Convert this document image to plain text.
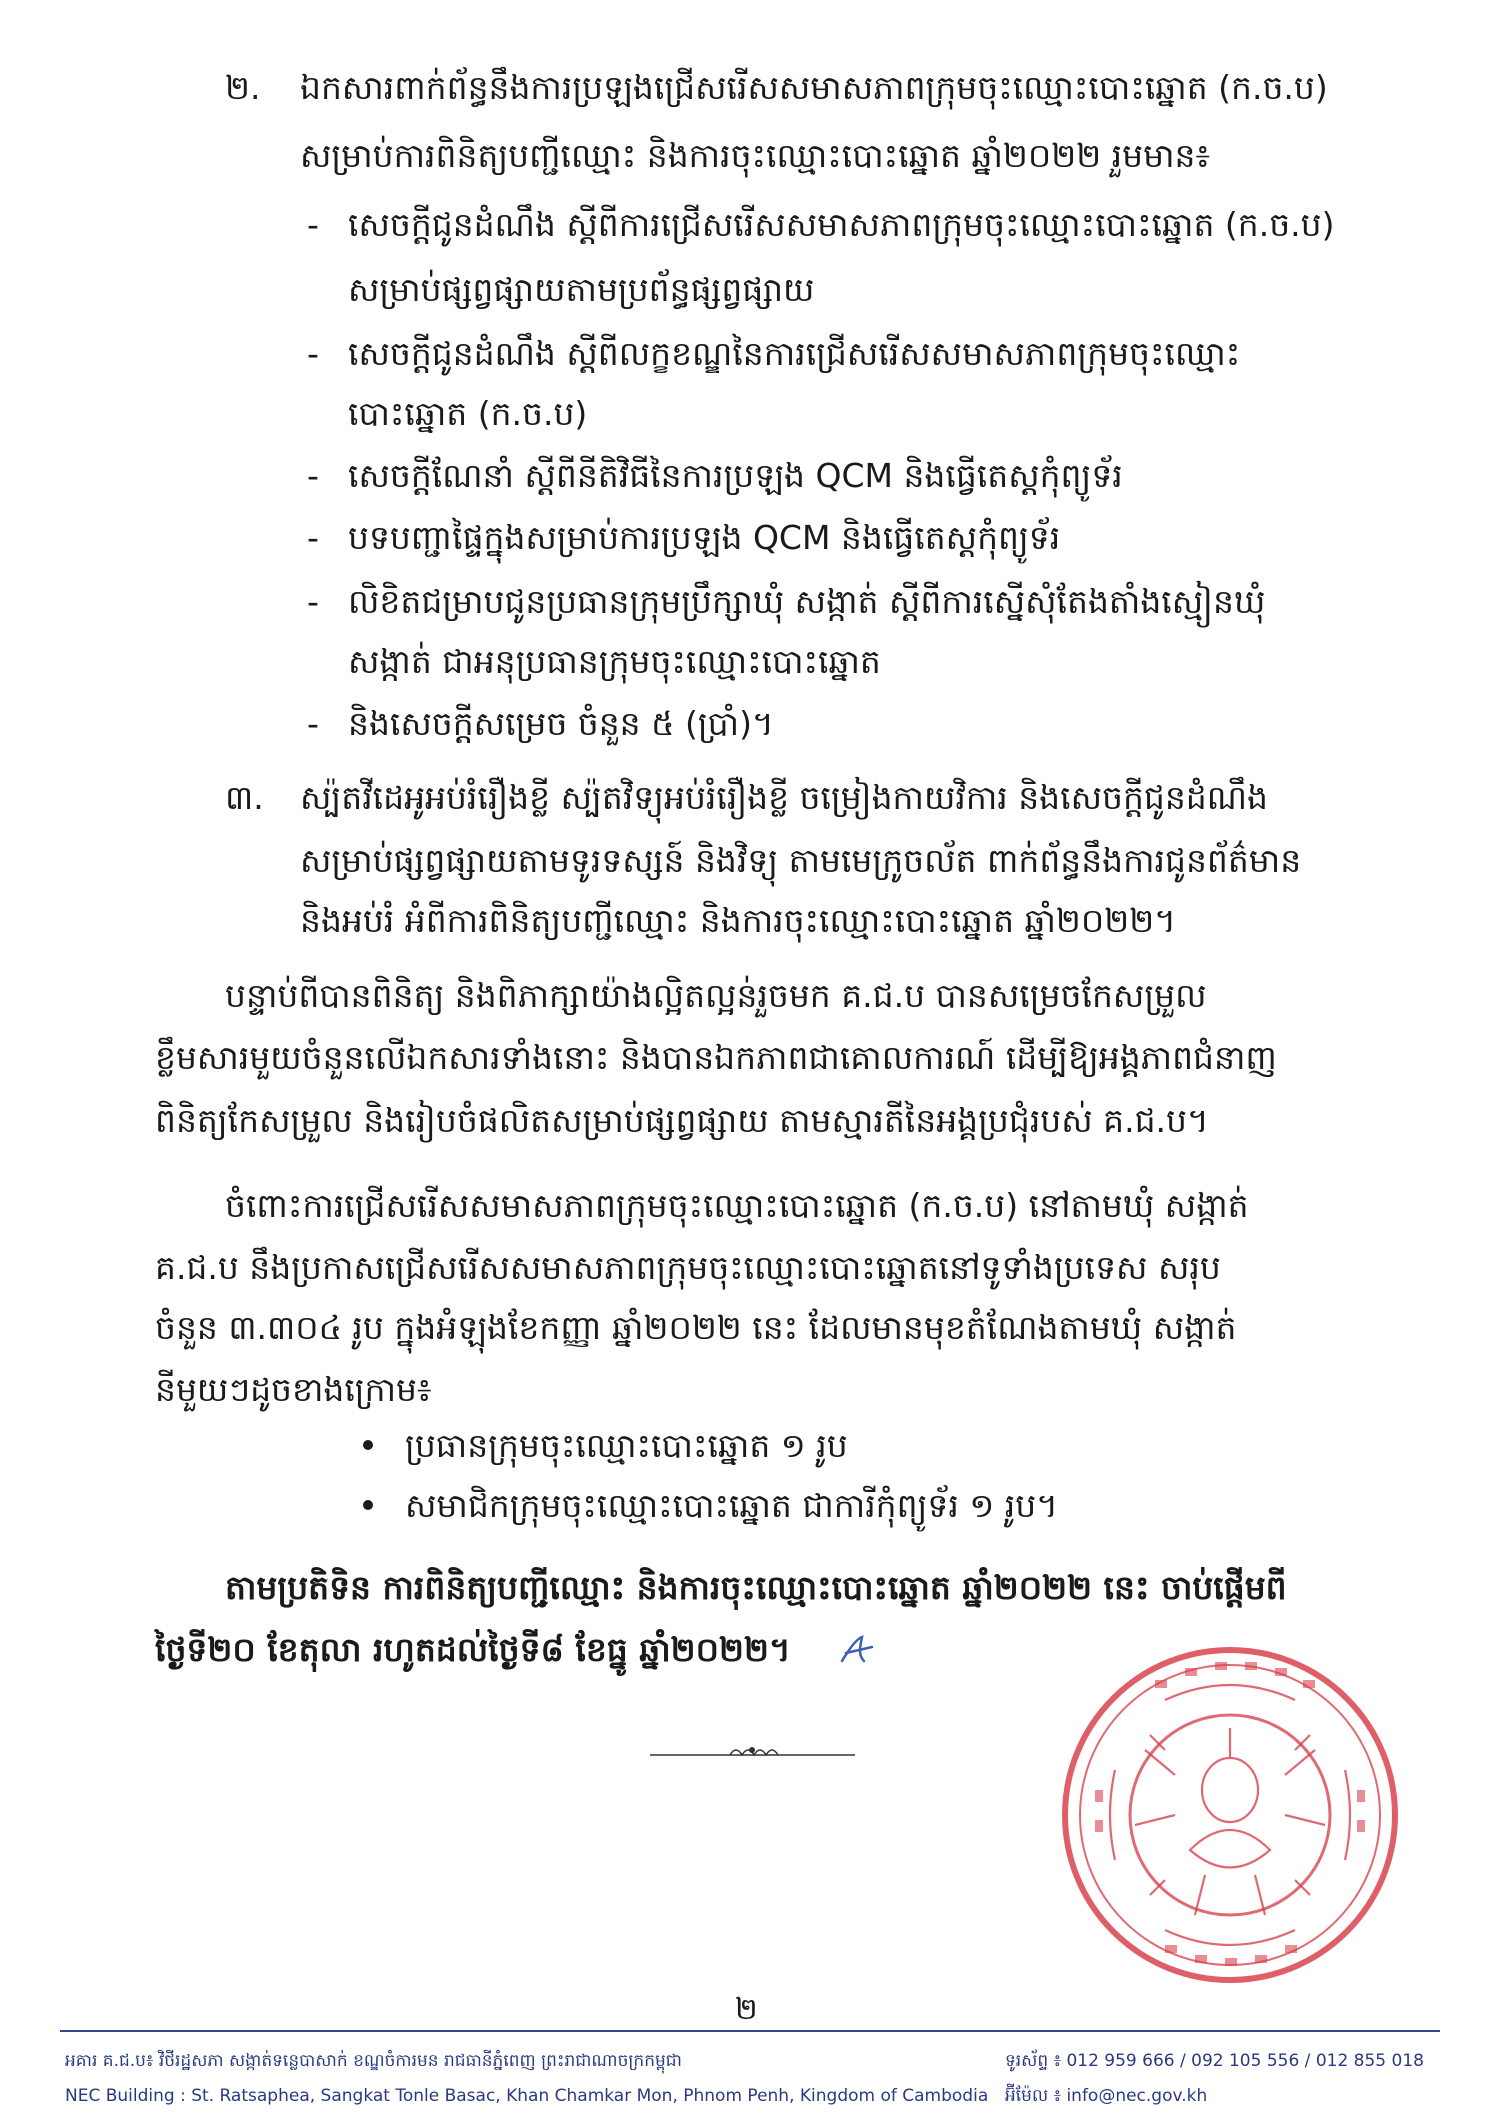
២. ឯកសារពាក់ព័ន្ធនឹងការប្រឡងជ្រើសរើសសមាសភាពក្រុមចុះឈ្មោះបោះឆ្នោត (ក.ច.ប)
សម្រាប់ការពិនិត្យបញ្ជីឈ្មោះ និងការចុះឈ្មោះបោះឆ្នោត ឆ្នាំ២០២២ រួមមាន៖
- សេចក្តីជូនដំណឹង ស្តីពីការជ្រើសរើសសមាសភាពក្រុមចុះឈ្មោះបោះឆ្នោត (ក.ច.ប)
សម្រាប់ផ្សព្វផ្សាយតាមប្រព័ន្ធផ្សព្វផ្សាយ
- សេចក្តីជូនដំណឹង ស្តីពីលក្ខខណ្ឌនៃការជ្រើសរើសសមាសភាពក្រុមចុះឈ្មោះ
បោះឆ្នោត (ក.ច.ប)
- សេចក្តីណែនាំ ស្តីពីនីតិវិធីនៃការប្រឡង QCM និងធ្វើតេស្តកុំព្យូទ័រ
- បទបញ្ជាផ្ទៃក្នុងសម្រាប់ការប្រឡង QCM និងធ្វើតេស្តកុំព្យូទ័រ
- លិខិតជម្រាបជូនប្រធានក្រុមប្រឹក្សាឃុំ សង្កាត់ ស្តីពីការស្នើសុំតែងតាំងស្មៀនឃុំ
សង្កាត់ ជាអនុប្រធានក្រុមចុះឈ្មោះបោះឆ្នោត
- និងសេចក្តីសម្រេច ចំនួន ៥ (ប្រាំ)។
៣. ស្ប៉តវីដេអូអប់រំរឿងខ្លី ស្ប៉តវិទ្យុអប់រំរឿងខ្លី ចម្រៀងកាយវិការ និងសេចក្តីជូនដំណឹង
សម្រាប់ផ្សព្វផ្សាយតាមទូរទស្សន៍ និងវិទ្យុ តាមមេក្រូចល័ត ពាក់ព័ន្ធនឹងការជូនព័ត៌មាន
និងអប់រំ អំពីការពិនិត្យបញ្ជីឈ្មោះ និងការចុះឈ្មោះបោះឆ្នោត ឆ្នាំ២០២២។
បន្ទាប់ពីបានពិនិត្យ និងពិភាក្សាយ៉ាងល្អិតល្អន់រួចមក គ.ជ.ប បានសម្រេចកែសម្រួល
ខ្លឹមសារមួយចំនួនលើឯកសារទាំងនោះ និងបានឯកភាពជាគោលការណ៍ ដើម្បីឱ្យអង្គភាពជំនាញ
ពិនិត្យកែសម្រួល និងរៀបចំផលិតសម្រាប់ផ្សព្វផ្សាយ តាមស្មារតីនៃអង្គប្រជុំរបស់ គ.ជ.ប។
ចំពោះការជ្រើសរើសសមាសភាពក្រុមចុះឈ្មោះបោះឆ្នោត (ក.ច.ប) នៅតាមឃុំ សង្កាត់
គ.ជ.ប នឹងប្រកាសជ្រើសរើសសមាសភាពក្រុមចុះឈ្មោះបោះឆ្នោតនៅទូទាំងប្រទេស សរុប
ចំនួន ៣.៣០៤ រូប ក្នុងអំឡុងខែកញ្ញា ឆ្នាំ២០២២ នេះ ដែលមានមុខតំណែងតាមឃុំ សង្កាត់
នីមួយៗដូចខាងក្រោម៖
ប្រធានក្រុមចុះឈ្មោះបោះឆ្នោត ១ រូប
សមាជិកក្រុមចុះឈ្មោះបោះឆ្នោត ជាការីកុំព្យូទ័រ ១ រូប។
តាមប្រតិទិន ការពិនិត្យបញ្ជីឈ្មោះ និងការចុះឈ្មោះបោះឆ្នោត ឆ្នាំ២០២២ នេះ ចាប់ផ្តើមពី
ថ្ងៃទី២០ ខែតុលា រហូតដល់ថ្ងៃទី៨ ខែធ្នូ ឆ្នាំ២០២២។
២
អគារ គ.ជ.ប៖ វិថីរដ្ឋសភា សង្កាត់ទន្លេបាសាក់ ខណ្ឌចំការមន រាជធានីភ្នំពេញ ព្រះរាជាណាចក្រកម្ពុជា
NEC Building : St. Ratsaphea, Sangkat Tonle Basac, Khan Chamkar Mon, Phnom Penh, Kingdom of Cambodia
ទូរស័ព្ទ ៖ 012 959 666 / 092 105 556 / 012 855 018
អ៊ីម៉ែល ៖ info@nec.gov.kh
